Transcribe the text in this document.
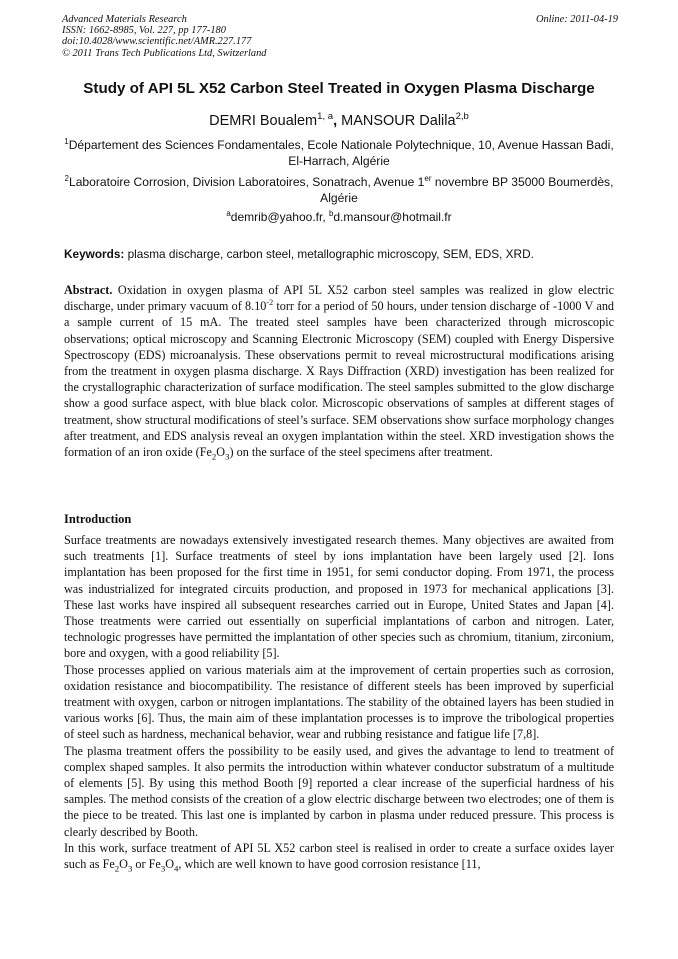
Advanced Materials Research
ISSN: 1662-8985, Vol. 227, pp 177-180
doi:10.4028/www.scientific.net/AMR.227.177
© 2011 Trans Tech Publications Ltd, Switzerland
Online: 2011-04-19
Study of API 5L X52 Carbon Steel Treated in Oxygen Plasma Discharge
DEMRI Boualem$^{1, a}$, MANSOUR Dalila$^{2,b}$
$^1$Département des Sciences Fondamentales, Ecole Nationale Polytechnique, 10, Avenue Hassan Badi, El-Harrach, Algérie
$^2$Laboratoire Corrosion, Division Laboratoires, Sonatrach, Avenue 1er novembre BP 35000 Boumerdès, Algérie
$^a$demrib@yahoo.fr, $^b$d.mansour@hotmail.fr
Keywords: plasma discharge, carbon steel, metallographic microscopy, SEM, EDS, XRD.
Abstract. Oxidation in oxygen plasma of API 5L X52 carbon steel samples was realized in glow electric discharge, under primary vacuum of $8.10^{-2}$ torr for a period of 50 hours, under tension discharge of -1000 V and a sample current of 15 mA. The treated steel samples have been characterized through microscopic observations; optical microscopy and Scanning Electronic Microscopy (SEM) coupled with Energy Dispersive Spectroscopy (EDS) microanalysis. These observations permit to reveal microstructural modifications arising from the treatment in oxygen plasma discharge. X Rays Diffraction (XRD) investigation has been realized for the crystallographic characterization of surface modification. The steel samples submitted to the glow discharge show a good surface aspect, with blue black color. Microscopic observations of samples at different stages of treatment, show structural modifications of steel’s surface. SEM observations show surface morphology changes after treatment, and EDS analysis reveal an oxygen implantation within the steel. XRD investigation shows the formation of an iron oxide $(Fe_2O_3)$ on the surface of the steel specimens after treatment.
Introduction

Surface treatments are nowadays extensively investigated research themes. Many objectives are awaited from such treatments [1]. Surface treatments of steel by ions implantation have been largely used [2]. Ions implantation has been proposed for the first time in 1951, for semi conductor doping. From 1971, the process was industrialized for integrated circuits production, and proposed in 1973 for mechanical applications [3]. These last works have inspired all subsequent researches carried out in Europe, United States and Japan [4]. Those treatments were carried out essentially on superficial implantations of carbon and nitrogen. Later, technologic progresses have permitted the implantation of other species such as chromium, titanium, zirconium, bore and oxygen, with a good reliability [5].

Those processes applied on various materials aim at the improvement of certain properties such as corrosion, oxidation resistance and biocompatibility. The resistance of different steels has been improved by superficial treatment with oxygen, carbon or nitrogen implantations. The stability of the obtained layers has been studied in various works [6]. Thus, the main aim of these implantation processes is to improve the tribological properties of steel such as hardness, mechanical behavior, wear and rubbing resistance and fatigue life [7,8].

The plasma treatment offers the possibility to be easily used, and gives the advantage to lend to treatment of complex shaped samples. It also permits the introduction within whatever conductor substratum of a multitude of elements [5]. By using this method Booth [9] reported a clear increase of the superficial hardness of his samples. The method consists of the creation of a glow electric discharge between two electrodes; one of them is the piece to be treated. This last one is implanted by carbon in plasma under reduced pressure. This process is clearly described by Booth.

In this work, surface treatment of API 5L X52 carbon steel is realised in order to create a surface oxides layer such as $Fe_2O_3$ or $Fe_3O_4$, which are well known to have good corrosion resistance [11,
